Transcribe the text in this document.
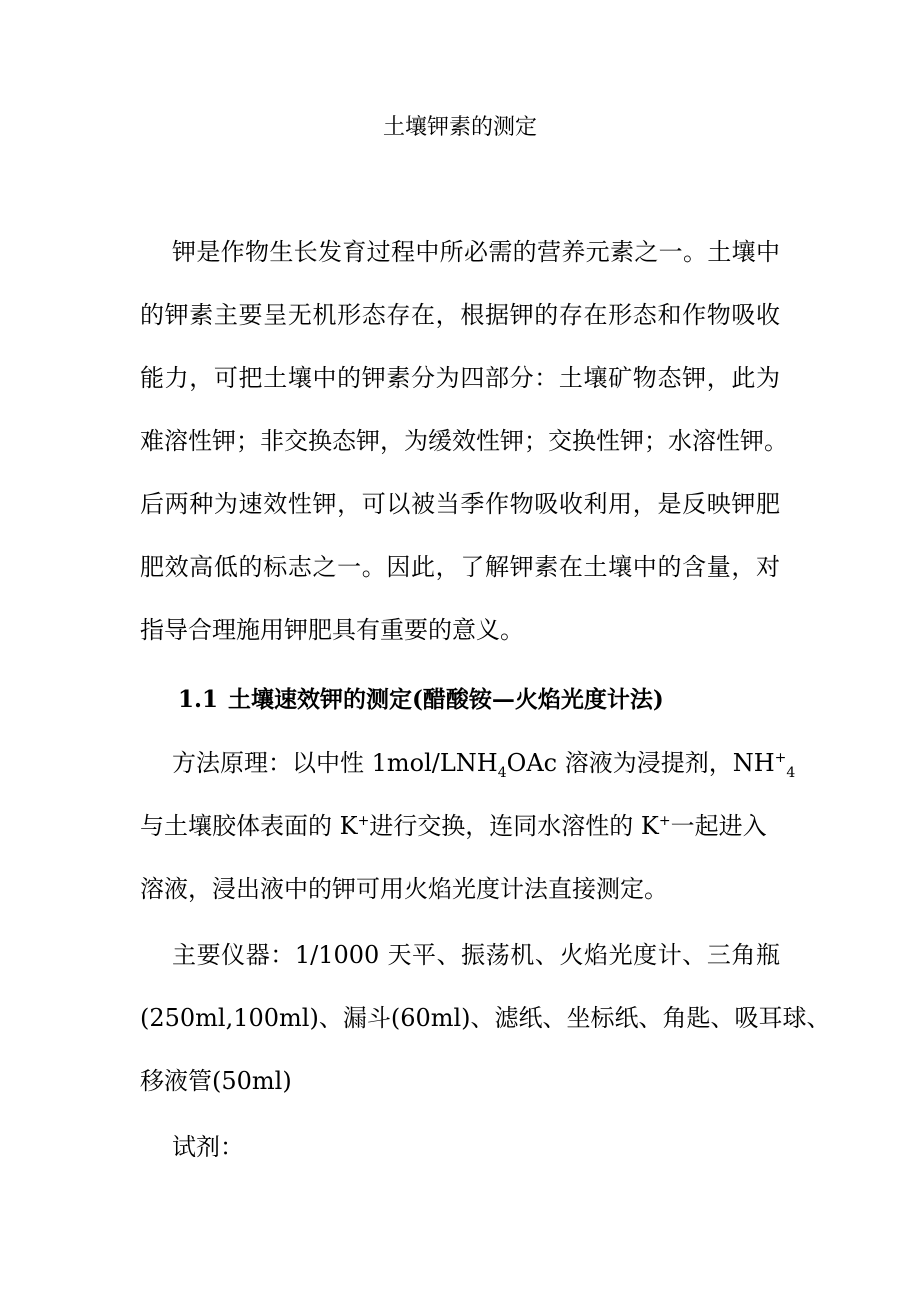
土壤钾素的测定
钾是作物生长发育过程中所必需的营养元素之一。土壤中
的钾素主要呈无机形态存在，根据钾的存在形态和作物吸收
能力，可把土壤中的钾素分为四部分：土壤矿物态钾，此为
难溶性钾；非交换态钾，为缓效性钾；交换性钾；水溶性钾。
后两种为速效性钾，可以被当季作物吸收利用，是反映钾肥
肥效高低的标志之一。因此，了解钾素在土壤中的含量，对
指导合理施用钾肥具有重要的意义。
1.1 土壤速效钾的测定(醋酸铵—火焰光度计法)
方法原理：以中性 $1mol/LNH_4OAc$ 溶液为浸提剂，$NH^+_4$
与土壤胶体表面的 K+进行交换，连同水溶性的 K+一起进入
溶液，浸出液中的钾可用火焰光度计法直接测定。
主要仪器：1/1000 天平、振荡机、火焰光度计、三角瓶
(250ml,100ml)、漏斗(60ml)、滤纸、坐标纸、角匙、吸耳球、
移液管(50ml)
试剂：
